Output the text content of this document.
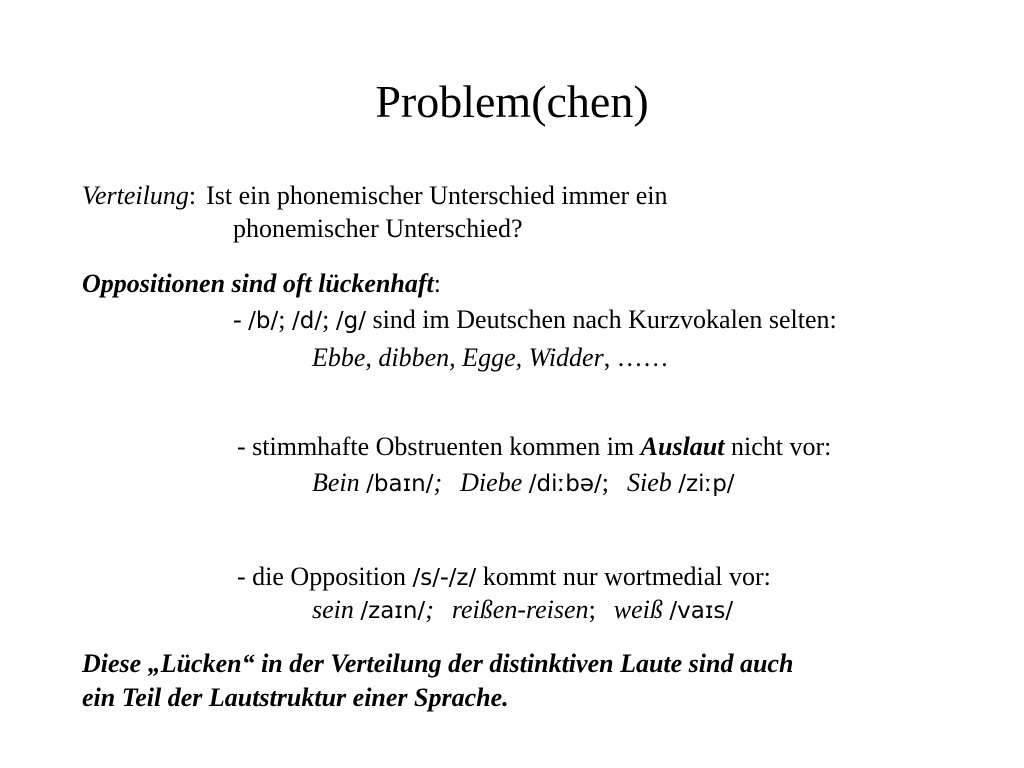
Problem(chen)
Verteilung: Ist ein phonemischer Unterschied immer ein
phonemischer Unterschied?
Oppositionen sind oft lückenhaft:
- /b/; /d/; /g/ sind im Deutschen nach Kurzvokalen selten:
Ebbe, dibben, Egge, Widder, ……
- stimmhafte Obstruenten kommen im Auslaut nicht vor:
Bein /baɪn/; Diebe /diːbə/; Sieb /ziːp/
- die Opposition /s/-/z/ kommt nur wortmedial vor:
sein /zaɪn/; reißen-reisen; weiß /vaɪs/
Diese „Lücken“ in der Verteilung der distinktiven Laute sind auch
ein Teil der Lautstruktur einer Sprache.
